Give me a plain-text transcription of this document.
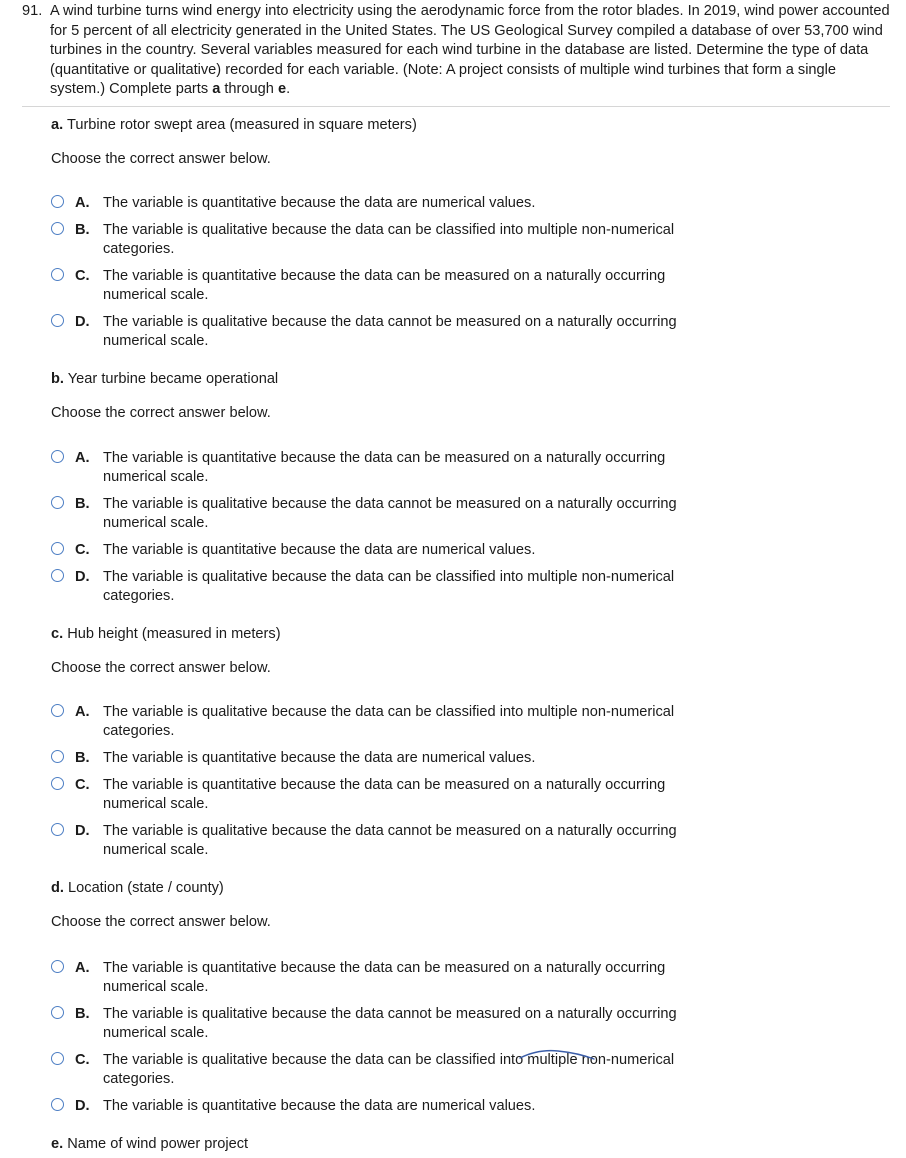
91. A wind turbine turns wind energy into electricity using the aerodynamic force from the rotor blades. In 2019, wind power accounted for 5 percent of all electricity generated in the United States. The US Geological Survey compiled a database of over 53,700 wind turbines in the country. Several variables measured for each wind turbine in the database are listed. Determine the type of data (quantitative or qualitative) recorded for each variable. (Note: A project consists of multiple wind turbines that form a single system.) Complete parts a through e.
a. Turbine rotor swept area (measured in square meters)
Choose the correct answer below.
A. The variable is quantitative because the data are numerical values.
B. The variable is qualitative because the data can be classified into multiple non-numerical categories.
C. The variable is quantitative because the data can be measured on a naturally occurring numerical scale.
D. The variable is qualitative because the data cannot be measured on a naturally occurring numerical scale.
b. Year turbine became operational
Choose the correct answer below.
A. The variable is quantitative because the data can be measured on a naturally occurring numerical scale.
B. The variable is qualitative because the data cannot be measured on a naturally occurring numerical scale.
C. The variable is quantitative because the data are numerical values.
D. The variable is qualitative because the data can be classified into multiple non-numerical categories.
c. Hub height (measured in meters)
Choose the correct answer below.
A. The variable is qualitative because the data can be classified into multiple non-numerical categories.
B. The variable is quantitative because the data are numerical values.
C. The variable is quantitative because the data can be measured on a naturally occurring numerical scale.
D. The variable is qualitative because the data cannot be measured on a naturally occurring numerical scale.
d. Location (state / county)
Choose the correct answer below.
A. The variable is quantitative because the data can be measured on a naturally occurring numerical scale.
B. The variable is qualitative because the data cannot be measured on a naturally occurring numerical scale.
C. The variable is qualitative because the data can be classified into multiple non-numerical categories.
D. The variable is quantitative because the data are numerical values.
e. Name of wind power project
